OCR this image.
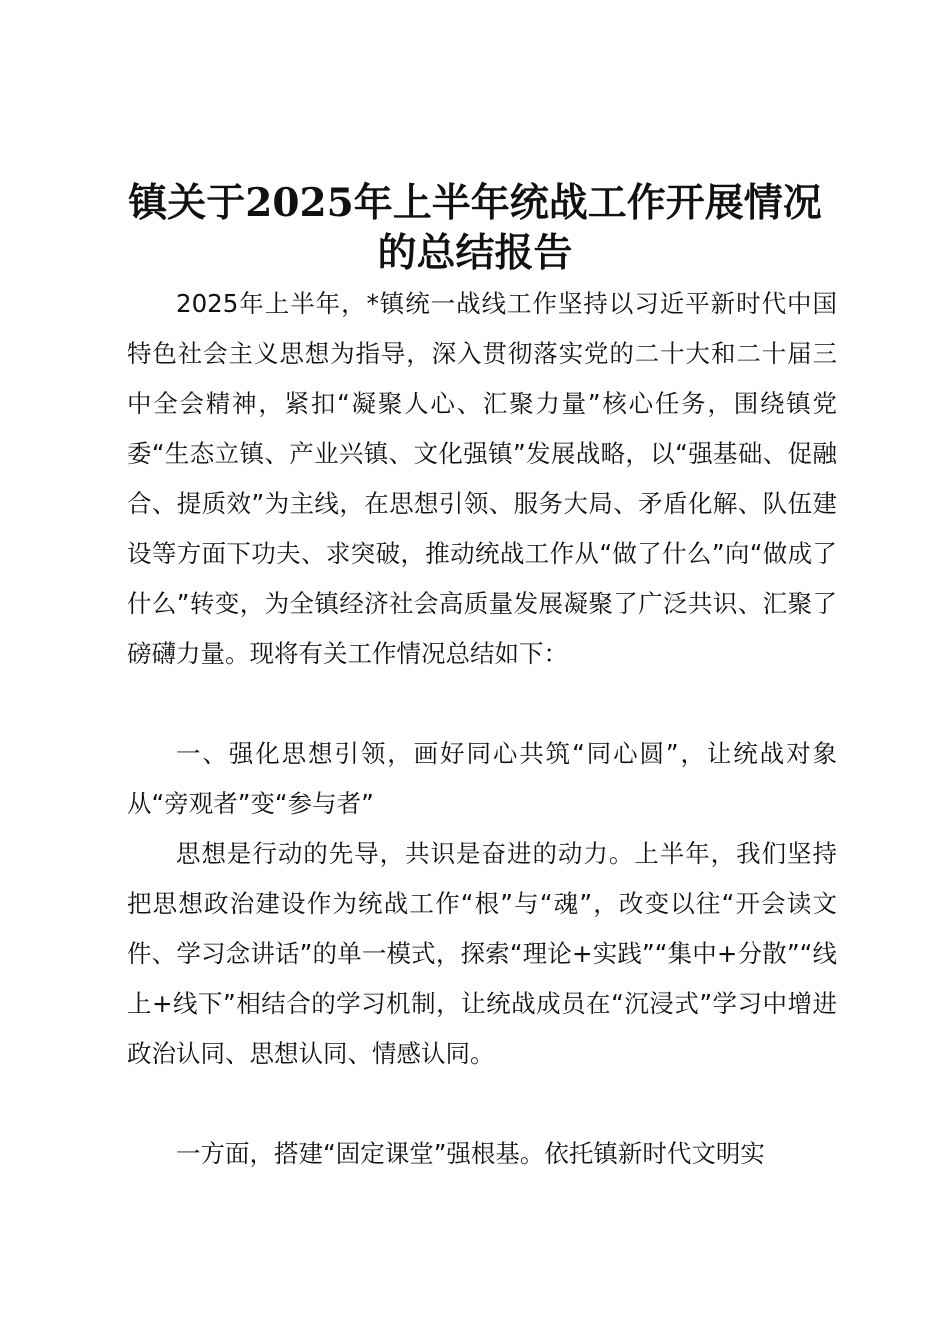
镇关于2025年上半年统战工作开展情况的总结报告

2025年上半年，*镇统一战线工作坚持以习近平新时代中国特色社会主义思想为指导，深入贯彻落实党的二十大和二十届三中全会精神，紧扣“凝聚人心、汇聚力量”核心任务，围绕镇党委“生态立镇、产业兴镇、文化强镇”发展战略，以“强基础、促融合、提质效”为主线，在思想引领、服务大局、矛盾化解、队伍建设等方面下功夫、求突破，推动统战工作从“做了什么”向“做成了什么”转变，为全镇经济社会高质量发展凝聚了广泛共识、汇聚了磅礴力量。现将有关工作情况总结如下：

一、强化思想引领，画好同心共筑“同心圆”，让统战对象从“旁观者”变“参与者”

思想是行动的先导，共识是奋进的动力。上半年，我们坚持把思想政治建设作为统战工作“根”与“魂”，改变以往“开会读文件、学习念讲话”的单一模式，探索“理论+实践”“集中+分散”“线上+线下”相结合的学习机制，让统战成员在“沉浸式”学习中增进政治认同、思想认同、情感认同。

一方面，搭建“固定课堂”强根基。依托镇新时代文明实
